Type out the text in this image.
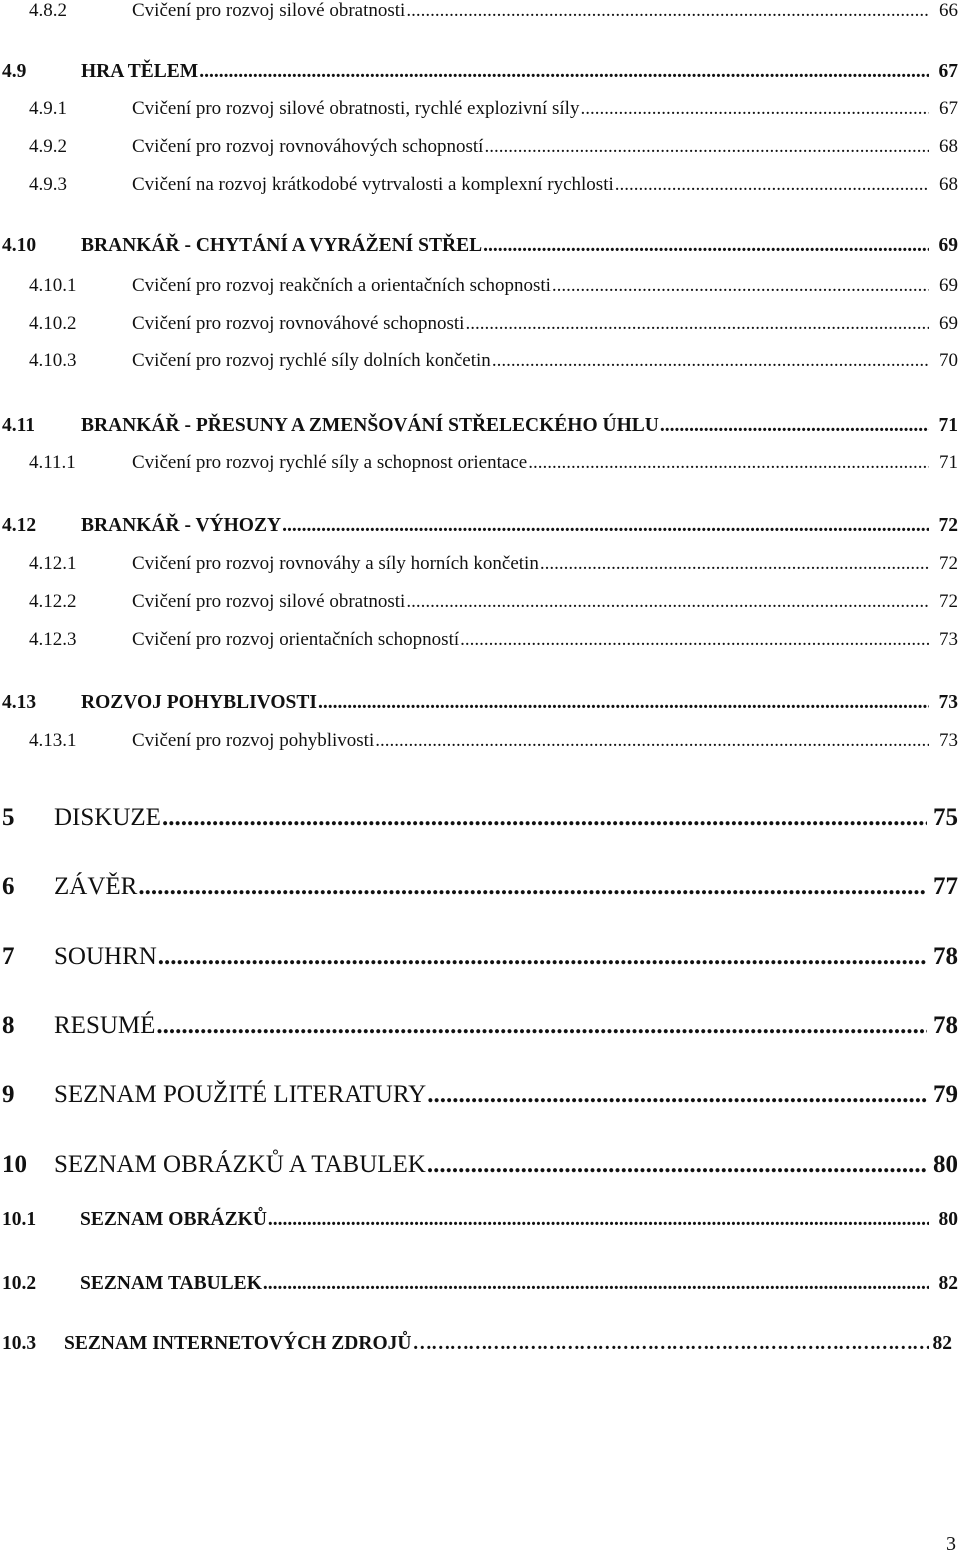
4.8.2	Cvičení pro rozvoj silové obratnosti .....	66
4.9	HRA TĚLEM .....	67
4.9.1	Cvičení pro rozvoj silové obratnosti, rychlé explozivní síly .....	67
4.9.2	Cvičení pro rozvoj rovnováhových schopností .....	68
4.9.3	Cvičení na rozvoj krátkodobé vytrvalosti a komplexní rychlosti .....	68
4.10	BRANKÁŘ - CHYTÁNÍ A VYRÁŽENÍ STŘEL .....	69
4.10.1	Cvičení pro rozvoj reakčních a orientačních schopnosti .....	69
4.10.2	Cvičení pro rozvoj rovnováhové schopnosti .....	69
4.10.3	Cvičení pro rozvoj rychlé síly dolních končetin .....	70
4.11	BRANKÁŘ - PŘESUNY A ZMENŠOVÁNÍ STŘELECKÉHO ÚHLU .....	71
4.11.1	Cvičení pro rozvoj rychlé síly a schopnost orientace .....	71
4.12	BRANKÁŘ - VÝHOZY .....	72
4.12.1	Cvičení pro rozvoj rovnováhy a síly horních končetin .....	72
4.12.2	Cvičení pro rozvoj silové obratnosti .....	72
4.12.3	Cvičení pro rozvoj orientačních schopností .....	73
4.13	ROZVOJ POHYBLIVOSTI .....	73
4.13.1	Cvičení pro rozvoj pohyblivosti .....	73
5	DISKUZE .....	75
6	ZÁVĚR .....	77
7	SOUHRN .....	78
8	RESUMÉ .....	78
9	SEZNAM POUŽITÉ LITERATURY .....	79
10	SEZNAM OBRÁZKŮ A TABULEK .....	80
10.1	SEZNAM OBRÁZKŮ .....	80
10.2	SEZNAM TABULEK .....	82
10.3	SEZNAM INTERNETOVÝCH ZDROJŮ ………………………………………………………………………………………………………	82
3
